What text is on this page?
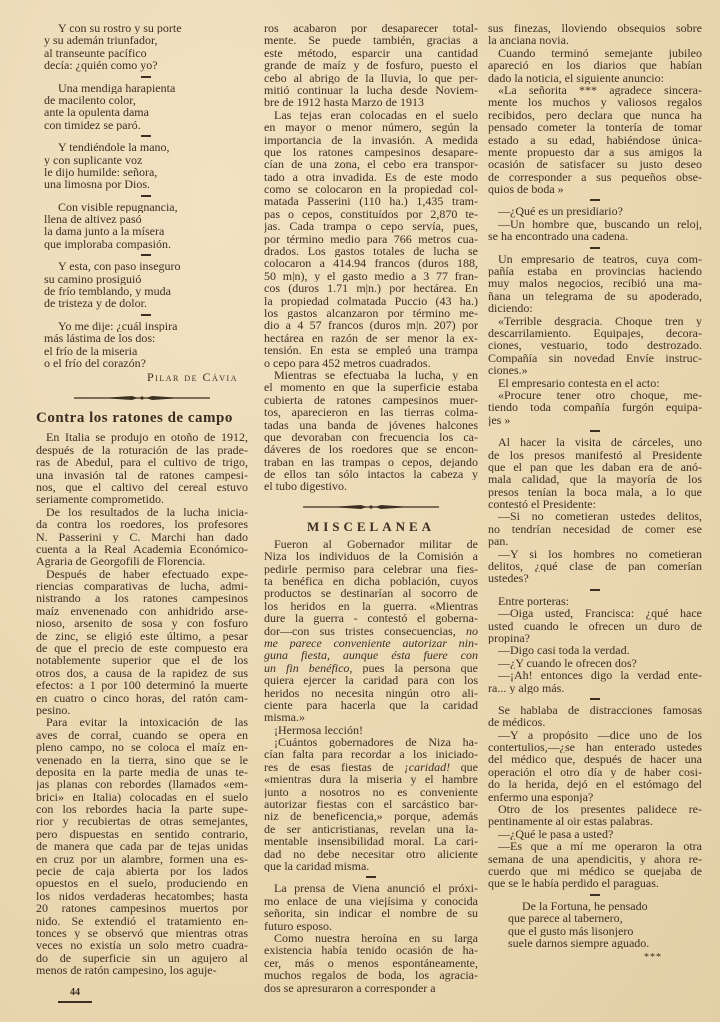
Y con su rostro y su porte
y su ademán triunfador,
al transeunte pacífico
decía: ¿quién como yo?
Una mendiga harapienta
de macilento color,
ante la opulenta dama
con timidez se paró.
Y tendiéndole la mano,
y con suplicante voz
le dijo humilde: señora,
una limosna por Dios.
Con visible repugnancia,
llena de altivez pasó
la dama junto a la mísera
que imploraba compasión.
Y esta, con paso inseguro
su camino prosiguió
de frío temblando, y muda
de tristeza y de dolor.
Yo me dije: ¿cuál inspira
más lástima de los dos:
el frío de la miseria
o el frío del corazón?
Pilar de Cávia
Contra los ratones de campo
En Italia se produjo en otoño de 1912,
después de la roturación de las prade-
ras de Abedul, para el cultivo de trigo,
una invasión tal de ratones campesi-
nos, que el caltivo del cereal estuvo
seriamente comprometido.
De los resultados de la lucha inicia-
da contra los roedores, los profesores
N. Passerini y C. Marchi han dado
cuenta a la Real Academia Económico-
Agraria de Georgofili de Florencia.
Después de haber efectuado expe-
riencias comparativas de lucha, admi-
nistrando a los ratones campesinos
maíz envenenado con anhidrido arse-
nioso, arsenito de sosa y con fosfuro
de zinc, se eligió este último, a pesar
de que el precio de este compuesto era
notablemente superior que el de los
otros dos, a causa de la rapidez de sus
efectos: a 1 por 100 determinó la muerte
en cuatro o cinco horas, del ratón cam-
pesino.
Para evitar la intoxicación de las
aves de corral, cuando se opera en
pleno campo, no se coloca el maíz en-
venenado en la tierra, sino que se le
deposita en la parte media de unas te-
jas planas con rebordes (llamados «em-
brici» en Italia) colocadas en el suelo
con los rebordes hacia la parte supe-
rior y recubiertas de otras semejantes,
pero dispuestas en sentido contrario,
de manera que cada par de tejas unidas
en cruz por un alambre, formen una es-
pecie de caja abierta por los lados
opuestos en el suelo, produciendo en
los nidos verdaderas hecatombes; hasta
20 ratones campesinos muertos por
nido. Se extendió el tratamiento en-
tonces y se observó que mientras otras
veces no existía un solo metro cuadra-
do de superficie sin un agujero al
menos de ratón campesino, los aguje-
44
ros acabaron por desaparecer total-
mente. Se puede también, gracias a
este método, esparcir una cantidad
grande de maíz y de fosfuro, puesto el
cebo al abrigo de la lluvia, lo que per-
mitió continuar la lucha desde Noviem-
bre de 1912 hasta Marzo de 1913
Las tejas eran colocadas en el suelo
en mayor o menor número, según la
importancia de la invasión. A medida
que los ratones campesinos desapare-
cían de una zona, el cebo era transpor-
tado a otra invadida. Es de este modo
como se colocaron en la propiedad col-
matada Passerini (110 ha.) 1,435 tram-
pas o cepos, constituídos por 2,870 te-
jas. Cada trampa o cepo servía, pues,
por término medio para 766 metros cua-
drados. Los gastos totales de lucha se
colocaron a 414.94 francos (duros 188,
50 m|n), y el gasto medio a 3 77 fran-
cos (duros 1.71 m|n.) por hectárea. En
la propiedad colmatada Puccio (43 ha.)
los gastos alcanzaron por término me-
dio a 4 57 francos (duros m|n. 207) por
hectárea en razón de ser menor la ex-
tensión. En esta se empleó una trampa
o cepo para 452 metros cuadrados.
Mientras se efectuaba la lucha, y en
el momento en que la superficie estaba
cubierta de ratones campesinos muer-
tos, aparecieron en las tierras colma-
tadas una banda de jóvenes halcones
que devoraban con frecuencia los ca-
dáveres de los roedores que se encon-
traban en las trampas o cepos, dejando
de ellos tan sólo intactos la cabeza y
el tubo digestivo.
MISCELANEA
Fueron al Gobernador militar de
Niza los individuos de la Comisión a
pedirle permiso para celebrar una fies-
ta benéfica en dicha población, cuyos
productos se destinarían al socorro de
los heridos en la guerra. «Mientras
dure la guerra - contestó el goberna-
dor—con sus tristes consecuencias, no
me parece conveniente autorizar nin-
guna fiesta, aunque ésta fuere con
un fin benéfico, pues la persona que
quiera ejercer la caridad para con los
heridos no necesita ningún otro ali-
ciente para hacerla que la caridad
misma.»
¡Hermosa lección!
¡Cuántos gobernadores de Niza ha-
cían falta para recordar a los iniciado-
res de esas fiestas de ¡caridad! que
«mientras dura la miseria y el hambre
junto a nosotros no es conveniente
autorizar fiestas con el sarcástico bar-
niz de beneficencia,» porque, además
de ser anticristianas, revelan una la-
mentable insensibilidad moral. La cari-
dad no debe necesitar otro aliciente
que la caridad misma.
La prensa de Viena anunció el próxi-
mo enlace de una viejísima y conocida
señorita, sin indicar el nombre de su
futuro esposo.
Como nuestra heroína en su larga
existencia había tenido ocasión de ha-
cer, más o menos espontáneamente,
muchos regalos de boda, los agracia-
dos se apresuraron a corresponder a
sus finezas, lloviendo obsequios sobre
la anciana novia.
Cuando terminó semejante jubileo
apareció en los diarios que habían
dado la noticia, el siguiente anuncio:
«La señorita *** agradece sincera-
mente los muchos y valiosos regalos
recibidos, pero declara que nunca ha
pensado cometer la tontería de tomar
estado a su edad, habiéndose única-
mente propuesto dar a sus amigos la
ocasión de satisfacer su justo deseo
de corresponder a sus pequeños obse-
quios de boda »
—¿Qué es un presidiario?
—Un hombre que, buscando un reloj,
se ha encontrado una cadena.
Un empresario de teatros, cuya com-
pañía estaba en provincias haciendo
muy malos negocios, recibió una ma-
ñana un telegrama de su apoderado,
diciendo:
«Terrible desgracia. Choque tren y
descarrilamiento. Equipajes, decora-
ciones, vestuario, todo destrozado.
Compañía sin novedad Envíe instruc-
ciones.»
El empresario contesta en el acto:
«Procure tener otro choque, me-
tiendo toda compañía furgón equipa-
jes »
Al hacer la visita de cárceles, uno
de los presos manifestó al Presidente
que el pan que les daban era de anó-
mala calidad, que la mayoría de los
presos tenían la boca mala, a lo que
contestó el Presidente:
—Si no cometieran ustedes delitos,
no tendrían necesidad de comer ese
pan.
—Y si los hombres no cometieran
delitos, ¿qué clase de pan comerían
ustedes?
Entre porteras:
—Oiga usted, Francisca: ¿qué hace
usted cuando le ofrecen un duro de
propina?
—Digo casi toda la verdad.
—¿Y cuando le ofrecen dos?
—¡Ah! entonces digo la verdad ente-
ra... y algo más.
Se hablaba de distracciones famosas
de médicos.
—Y a propósito —dice uno de los
contertulios,—¿se han enterado ustedes
del médico que, después de hacer una
operación el otro día y de haber cosi-
do la herida, dejó en el estómago del
enfermo una esponja?
Otro de los presentes palidece re-
pentinamente al oir estas palabras.
—¿Qué le pasa a usted?
—Es que a mí me operaron la otra
semana de una apendicitis, y ahora re-
cuerdo que mi médico se quejaba de
que se le había perdido el paraguas.
De la Fortuna, he pensado
que parece al tabernero,
que el gusto más lisonjero
suele darnos siempre aguado.
***
